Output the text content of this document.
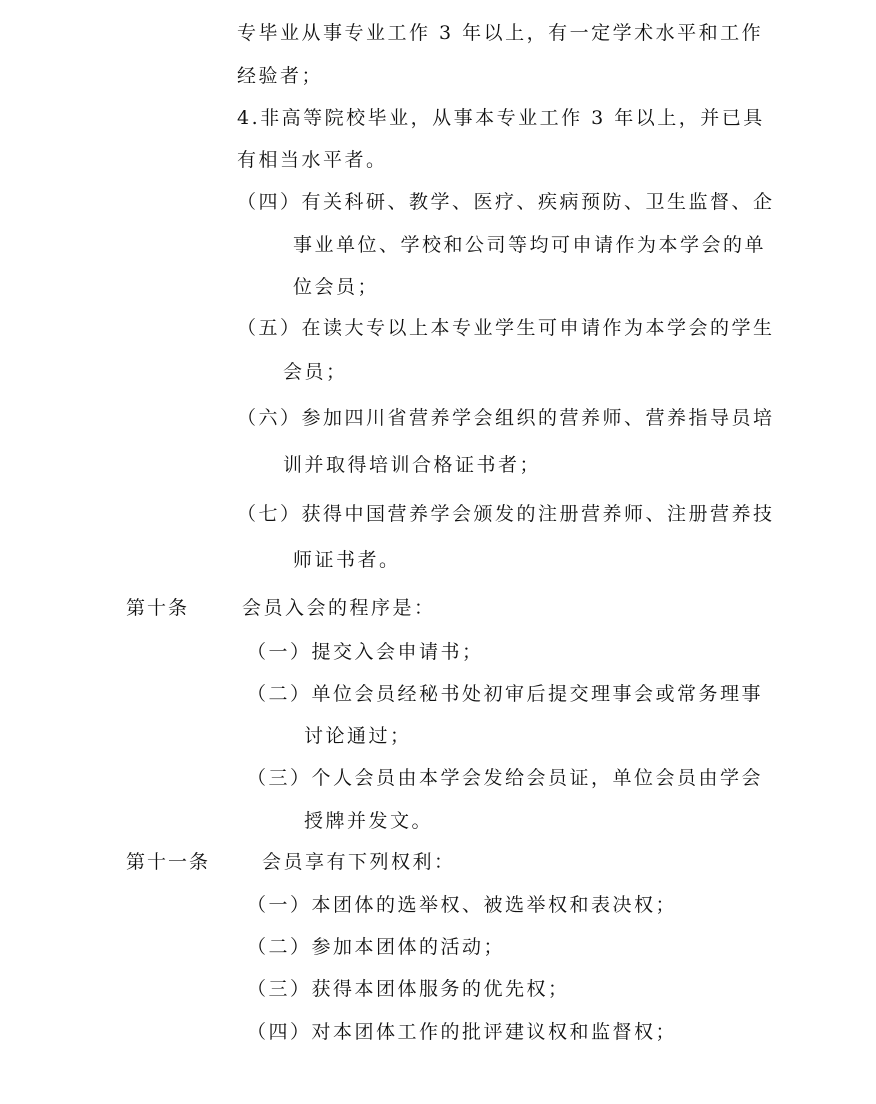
专毕业从事专业工作 3 年以上，有一定学术水平和工作
经验者；
4.非高等院校毕业，从事本专业工作 3 年以上，并已具
有相当水平者。
（四）有关科研、教学、医疗、疾病预防、卫生监督、企
事业单位、学校和公司等均可申请作为本学会的单
位会员；
（五）在读大专以上本专业学生可申请作为本学会的学生
会员；
（六）参加四川省营养学会组织的营养师、营养指导员培
训并取得培训合格证书者；
（七）获得中国营养学会颁发的注册营养师、注册营养技
师证书者。
第十条	会员入会的程序是：
（一）提交入会申请书；
（二）单位会员经秘书处初审后提交理事会或常务理事
讨论通过；
（三）个人会员由本学会发给会员证，单位会员由学会
授牌并发文。
第十一条	会员享有下列权利：
（一）本团体的选举权、被选举权和表决权；
（二）参加本团体的活动；
（三）获得本团体服务的优先权；
（四）对本团体工作的批评建议权和监督权；
